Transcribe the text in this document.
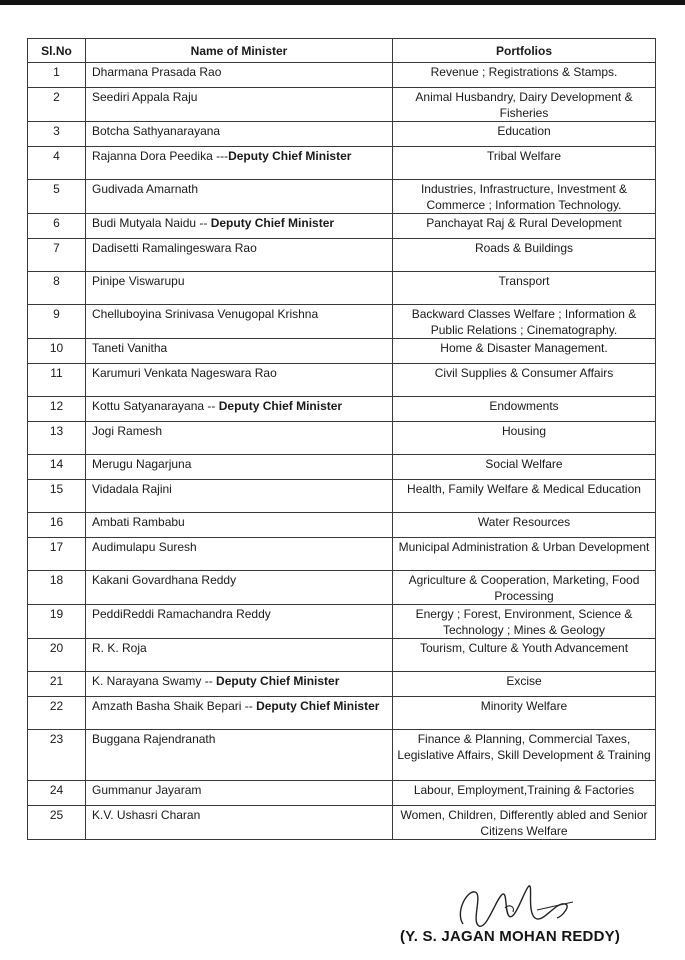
Sl.No	Name of Minister	Portfolios
1	Dharmana Prasada Rao	Revenue ; Registrations & Stamps.
2	Seediri Appala Raju	Animal Husbandry, Dairy Development & Fisheries
3	Botcha Sathyanarayana	Education
4	Rajanna Dora Peedika ---Deputy Chief Minister	Tribal Welfare
5	Gudivada Amarnath	Industries, Infrastructure, Investment & Commerce ; Information Technology.
6	Budi Mutyala Naidu -- Deputy Chief Minister	Panchayat Raj & Rural Development
7	Dadisetti Ramalingeswara Rao	Roads & Buildings
8	Pinipe Viswarupu	Transport
9	Chelluboyina Srinivasa Venugopal Krishna	Backward Classes Welfare ; Information & Public Relations ; Cinematography.
10	Taneti Vanitha	Home & Disaster Management.
11	Karumuri Venkata Nageswara Rao	Civil Supplies & Consumer Affairs
12	Kottu Satyanarayana -- Deputy Chief Minister	Endowments
13	Jogi Ramesh	Housing
14	Merugu Nagarjuna	Social Welfare
15	Vidadala Rajini	Health, Family Welfare & Medical Education
16	Ambati Rambabu	Water Resources
17	Audimulapu Suresh	Municipal Administration & Urban Development
18	Kakani Govardhana Reddy	Agriculture & Cooperation, Marketing, Food Processing
19	PeddiReddi Ramachandra Reddy	Energy ; Forest, Environment, Science & Technology ; Mines & Geology
20	R. K. Roja	Tourism, Culture & Youth Advancement
21	K. Narayana Swamy -- Deputy Chief Minister	Excise
22	Amzath Basha Shaik Bepari -- Deputy Chief Minister	Minority Welfare
23	Buggana Rajendranath	Finance & Planning, Commercial Taxes, Legislative Affairs, Skill Development & Training
24	Gummanur Jayaram	Labour, Employment,Training & Factories
25	K.V. Ushasri Charan	Women, Children, Differently abled and Senior Citizens Welfare
(Y. S. JAGAN MOHAN REDDY)
